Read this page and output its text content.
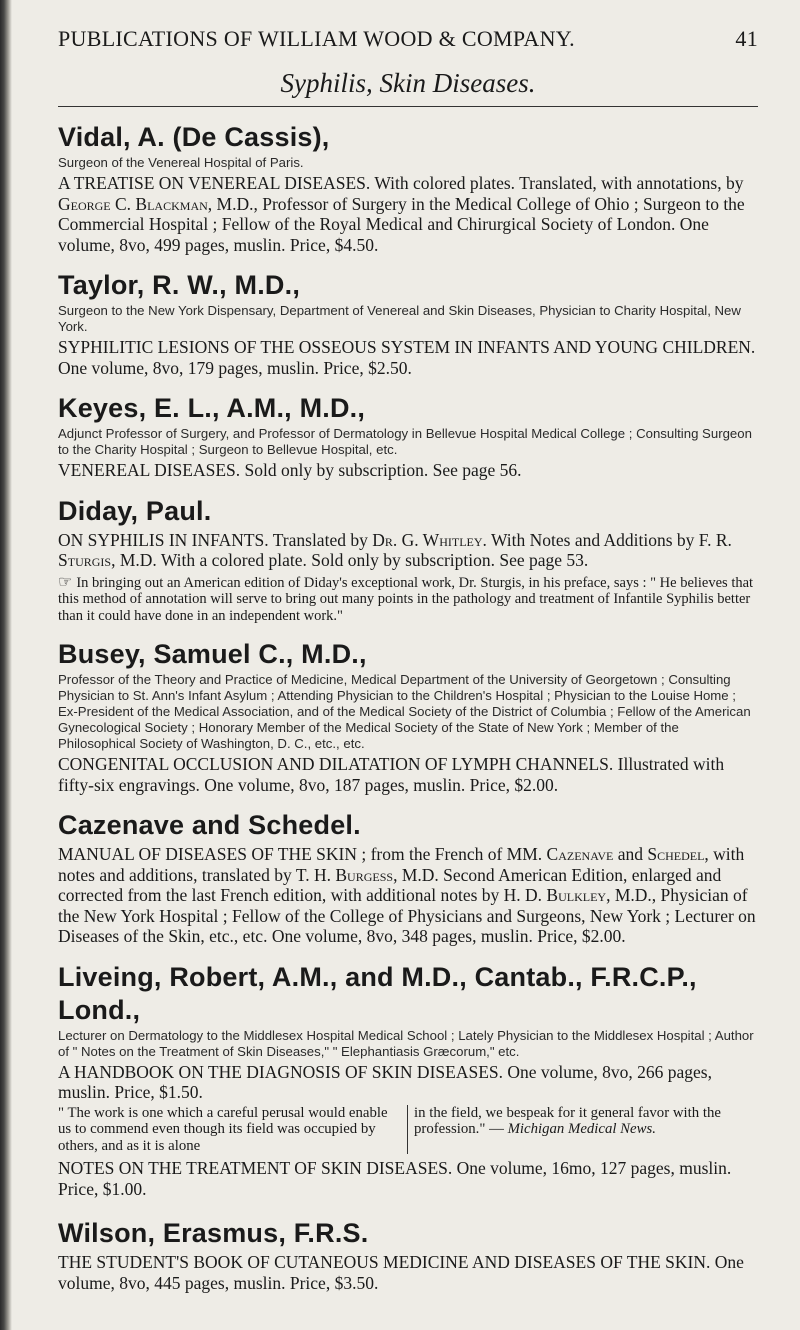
PUBLICATIONS OF WILLIAM WOOD & COMPANY.	41
Syphilis, Skin Diseases.
Vidal, A. (De Cassis),
Surgeon of the Venereal Hospital of Paris.
A TREATISE ON VENEREAL DISEASES. With colored plates. Translated, with annotations, by George C. Blackman, M.D., Professor of Surgery in the Medical College of Ohio ; Surgeon to the Commercial Hospital ; Fellow of the Royal Medical and Chirurgical Society of London. One volume, 8vo, 499 pages, muslin. Price, $4.50.
Taylor, R. W., M.D.,
Surgeon to the New York Dispensary, Department of Venereal and Skin Diseases, Physician to Charity Hospital, New York.
SYPHILITIC LESIONS OF THE OSSEOUS SYSTEM IN INFANTS AND YOUNG CHILDREN. One volume, 8vo, 179 pages, muslin. Price, $2.50.
Keyes, E. L., A.M., M.D.,
Adjunct Professor of Surgery, and Professor of Dermatology in Bellevue Hospital Medical College ; Consulting Surgeon to the Charity Hospital ; Surgeon to Bellevue Hospital, etc.
VENEREAL DISEASES. Sold only by subscription. See page 56.
Diday, Paul.
ON SYPHILIS IN INFANTS. Translated by Dr. G. Whitley. With Notes and Additions by F. R. Sturgis, M.D. With a colored plate. Sold only by subscription. See page 53.
☞ In bringing out an American edition of Diday's exceptional work, Dr. Sturgis, in his preface, says : " He believes that this method of annotation will serve to bring out many points in the pathology and treatment of Infantile Syphilis better than it could have done in an independent work."
Busey, Samuel C., M.D.,
Professor of the Theory and Practice of Medicine, Medical Department of the University of Georgetown ; Consulting Physician to St. Ann's Infant Asylum ; Attending Physician to the Children's Hospital ; Physician to the Louise Home ; Ex-President of the Medical Association, and of the Medical Society of the District of Columbia ; Fellow of the American Gynecological Society ; Honorary Member of the Medical Society of the State of New York ; Member of the Philosophical Society of Washington, D. C., etc., etc.
CONGENITAL OCCLUSION AND DILATATION OF LYMPH CHANNELS. Illustrated with fifty-six engravings. One volume, 8vo, 187 pages, muslin. Price, $2.00.
Cazenave and Schedel.
MANUAL OF DISEASES OF THE SKIN ; from the French of MM. Cazenave and Schedel, with notes and additions, translated by T. H. Burgess, M.D. Second American Edition, enlarged and corrected from the last French edition, with additional notes by H. D. Bulkley, M.D., Physician of the New York Hospital ; Fellow of the College of Physicians and Surgeons, New York ; Lecturer on Diseases of the Skin, etc., etc. One volume, 8vo, 348 pages, muslin. Price, $2.00.
Liveing, Robert, A.M., and M.D., Cantab., F.R.C.P., Lond.,
Lecturer on Dermatology to the Middlesex Hospital Medical School ; Lately Physician to the Middlesex Hospital ; Author of " Notes on the Treatment of Skin Diseases," " Elephantiasis Græcorum," etc.
A HANDBOOK ON THE DIAGNOSIS OF SKIN DISEASES. One volume, 8vo, 266 pages, muslin. Price, $1.50.
" The work is one which a careful perusal would enable us to commend even though its field was occupied by others, and as it is alone
in the field, we bespeak for it general favor with the profession." — Michigan Medical News.
NOTES ON THE TREATMENT OF SKIN DISEASES. One volume, 16mo, 127 pages, muslin. Price, $1.00.
Wilson, Erasmus, F.R.S.
THE STUDENT'S BOOK OF CUTANEOUS MEDICINE AND DISEASES OF THE SKIN. One volume, 8vo, 445 pages, muslin. Price, $3.50.
